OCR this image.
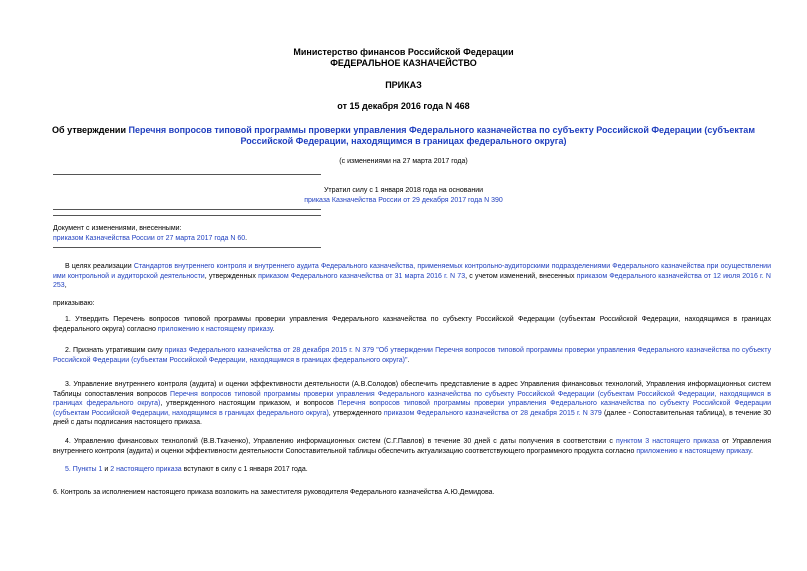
Министерство финансов Российской Федерации
ФЕДЕРАЛЬНОЕ КАЗНАЧЕЙСТВО
ПРИКАЗ
от 15 декабря 2016 года N 468
Об утверждении Перечня вопросов типовой программы проверки управления Федерального казначейства по субъекту Российской Федерации (субъектам Российской Федерации, находящимся в границах федерального округа)
(с изменениями на 27 марта 2017 года)
Утратил силу с 1 января 2018 года на основании
приказа Казначейства России от 29 декабря 2017 года N 390
Документ с изменениями, внесенными:
приказом Казначейства России от 27 марта 2017 года N 60.
В целях реализации Стандартов внутреннего контроля и внутреннего аудита Федерального казначейства, применяемых контрольно-аудиторскими подразделениями Федерального казначейства при осуществлении ими контрольной и аудиторской деятельности, утвержденных приказом Федерального казначейства от 31 марта 2016 г. N 73, с учетом изменений, внесенных приказом Федерального казначейства от 12 июля 2016 г. N 253,
приказываю:
1. Утвердить Перечень вопросов типовой программы проверки управления Федерального казначейства по субъекту Российской Федерации (субъектам Российской Федерации, находящимся в границах федерального округа) согласно приложению к настоящему приказу.
2. Признать утратившим силу приказ Федерального казначейства от 28 декабря 2015 г. N 379 "Об утверждении Перечня вопросов типовой программы проверки управления Федерального казначейства по субъекту Российской Федерации (субъектам Российской Федерации, находящимся в границах федерального округа)".
3. Управление внутреннего контроля (аудита) и оценки эффективности деятельности (А.В.Солодов) обеспечить представление в адрес Управления финансовых технологий, Управления информационных систем Таблицы сопоставления вопросов Перечня вопросов типовой программы проверки управления Федерального казначейства по субъекту Российской Федерации (субъектам Российской Федерации, находящимся в границах федерального округа), утвержденного настоящим приказом, и вопросов Перечня вопросов типовой программы проверки управления Федерального казначейства по субъекту Российской Федерации (субъектам Российской Федерации, находящимся в границах федерального округа), утвержденного приказом Федерального казначейства от 28 декабря 2015 г. N 379 (далее - Сопоставительная таблица), в течение 30 дней с даты подписания настоящего приказа.
4. Управлению финансовых технологий (В.В.Ткаченко), Управлению информационных систем (С.Г.Павлов) в течение 30 дней с даты получения в соответствии с пунктом 3 настоящего приказа от Управления внутреннего контроля (аудита) и оценки эффективности деятельности Сопоставительной таблицы обеспечить актуализацию соответствующего программного продукта согласно приложению к настоящему приказу.
5. Пункты 1 и 2 настоящего приказа вступают в силу с 1 января 2017 года.
6. Контроль за исполнением настоящего приказа возложить на заместителя руководителя Федерального казначейства А.Ю.Демидова.
